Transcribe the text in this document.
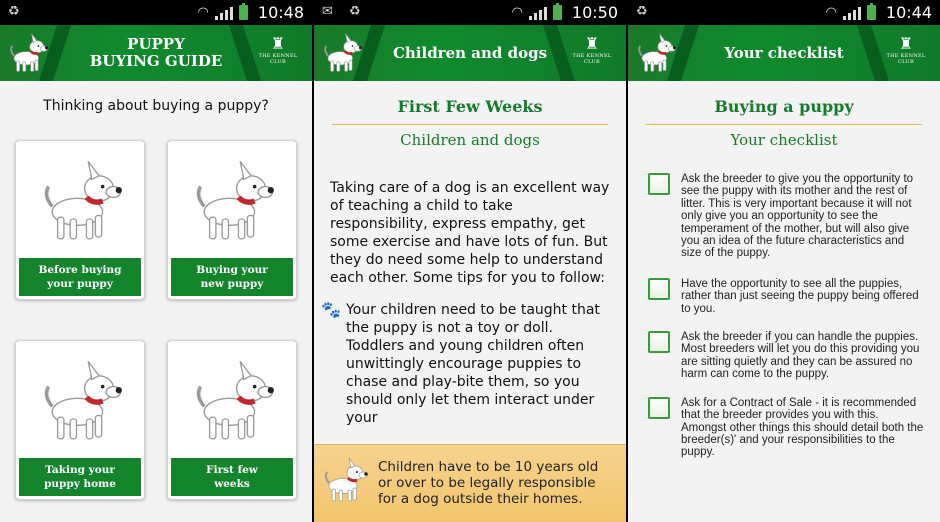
♻	◠	10:48
PUPPY
BUYING GUIDE
♜
THE KENNEL CLUB
Thinking about buying a puppy?
Before buying
your puppy
Buying your
new puppy
Taking your
puppy home
First few
weeks
✉ ♻	◠	10:50
Children and dogs	♜
THE KENNEL CLUB
First Few Weeks
Children and dogs

Taking care of a dog is an excellent way of teaching a child to take responsibility, express empathy, get some exercise and have lots of fun. But they do need some help to understand each other. Some tips for you to follow:

🐾 Your children need to be taught that the puppy is not a toy or doll. Toddlers and young children often unwittingly encourage puppies to chase and play-bite them, so you should only let them interact under your
Children have to be 10 years old or over to be legally responsible for a dog outside their homes.
♻	◠	10:44
Your checklist	♜
THE KENNEL CLUB
Buying a puppy
Your checklist
Ask the breeder to give you the opportunity to see the puppy with its mother and the rest of litter. This is very important because it will not only give you an opportunity to see the temperament of the mother, but will also give you an idea of the future characteristics and size of the puppy.
Have the opportunity to see all the puppies, rather than just seeing the puppy being offered to you.
Ask the breeder if you can handle the puppies. Most breeders will let you do this providing you are sitting quietly and they can be assured no harm can come to the puppy.
Ask for a Contract of Sale - it is recommended that the breeder provides you with this. Amongst other things this should detail both the breeder(s)' and your responsibilities to the puppy.
